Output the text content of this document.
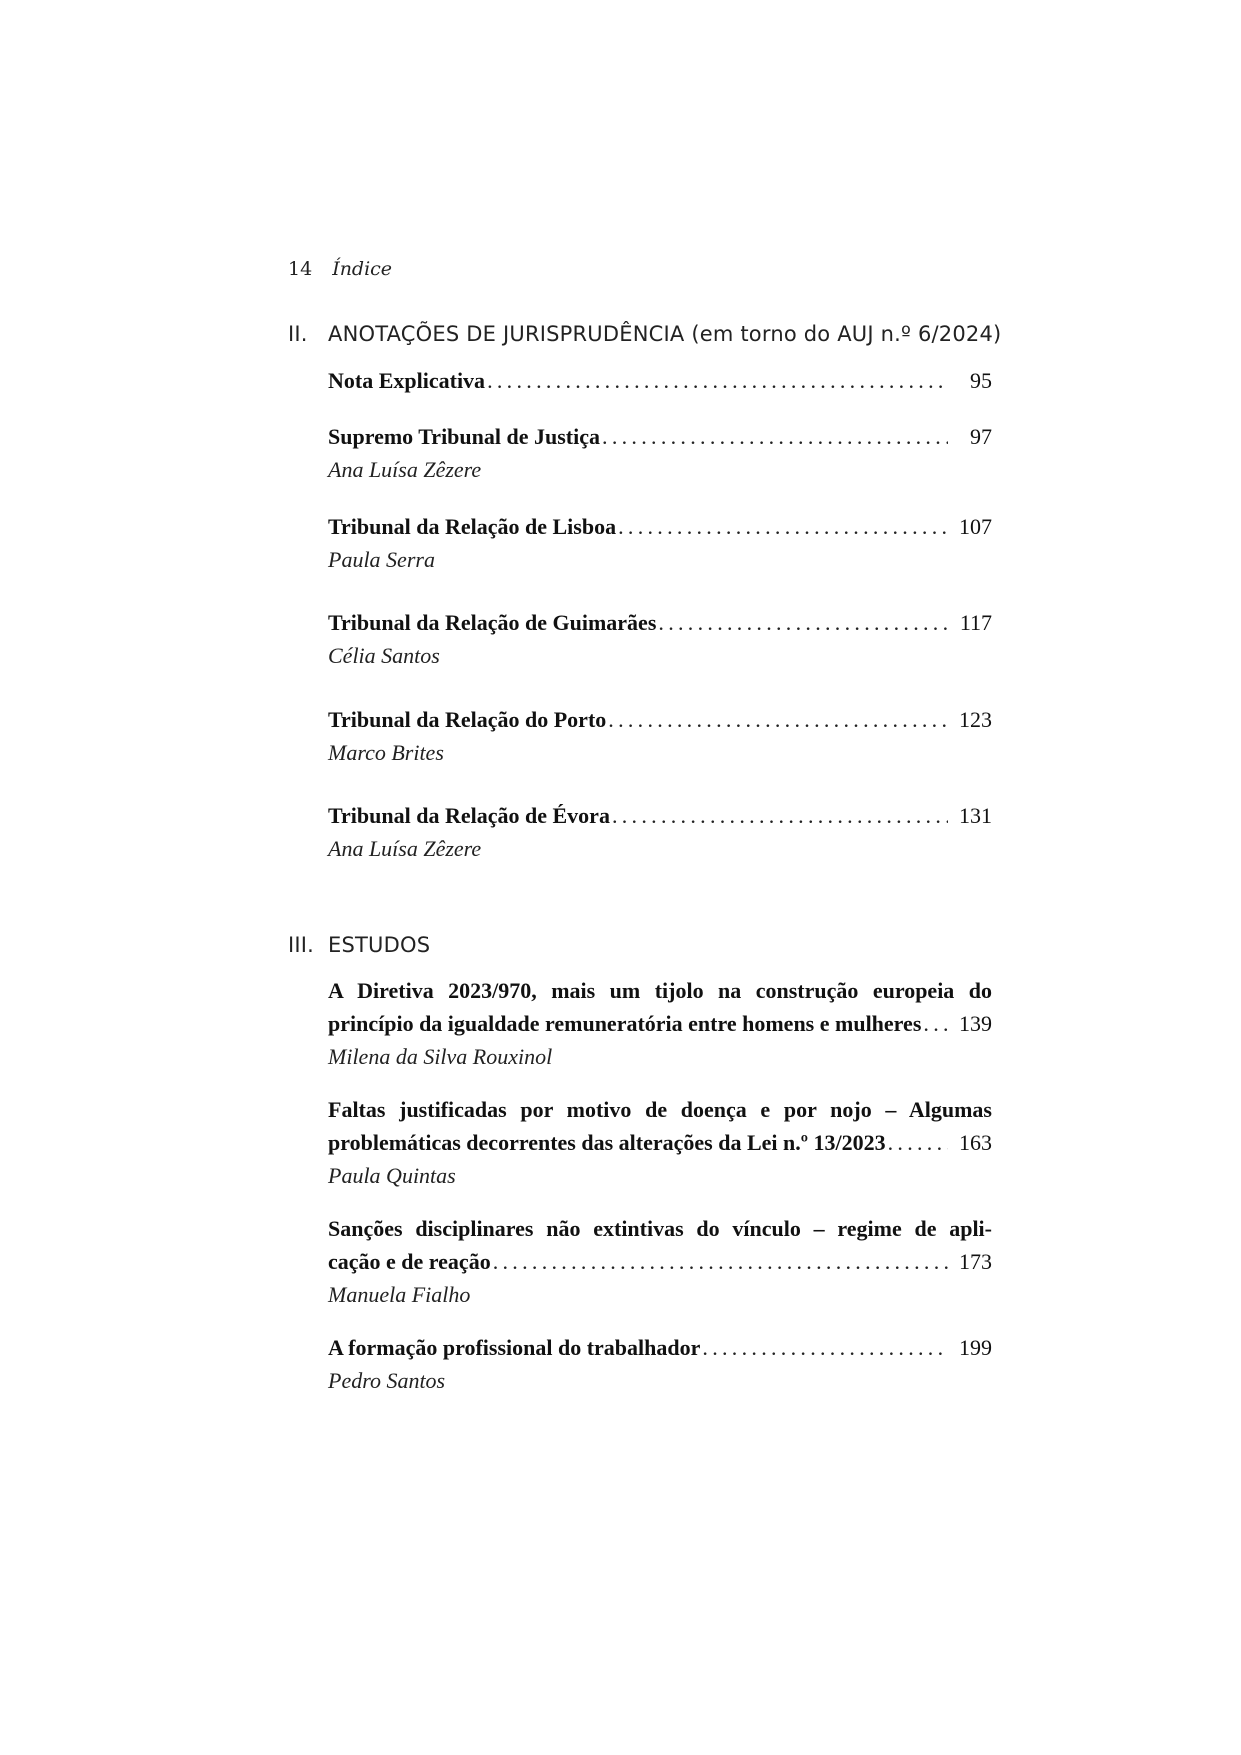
14 Índice
II. ANOTAÇÕES DE JURISPRUDÊNCIA (em torno do AUJ n.º 6/2024)
Nota Explicativa . . .	95
Supremo Tribunal de Justiça . . .	97
Ana Luísa Zêzere
Tribunal da Relação de Lisboa . . .	107
Paula Serra
Tribunal da Relação de Guimarães . . .	117
Célia Santos
Tribunal da Relação do Porto . . .	123
Marco Brites
Tribunal da Relação de Évora . . .	131
Ana Luísa Zêzere
III. ESTUDOS
A Diretiva 2023/970, mais um tijolo na construção europeia do
princípio da igualdade remuneratória entre homens e mulheres . . . 139
Milena da Silva Rouxinol
Faltas justificadas por motivo de doença e por nojo – Algumas
problemáticas decorrentes das alterações da Lei n.º 13/2023 . . .	163
Paula Quintas
Sanções disciplinares não extintivas do vínculo – regime de apli-
cação e de reação . . .	173
Manuela Fialho
A formação profissional do trabalhador . . .	199
Pedro Santos
